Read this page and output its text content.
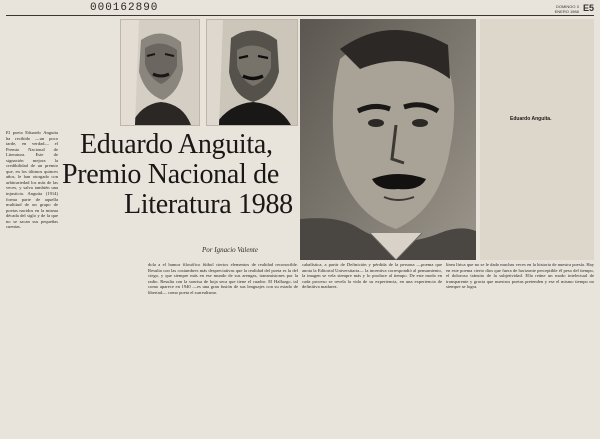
000162890	DOMINGO 3
ENERO 1988 E5
Eduardo Anguita.
El poeta Eduardo Anguita ha recibido —un poco tarde, en verdad— el Premio Nacional de Literatura. Este de signación mejora la credibilidad de un premio que, en los últimos quinces años, le han otorgado con arbitrariedad los más de las veces, y salva también una injusticia. Anguita (1914) forma parte de aquella multitud de un grupo de poetas nacidos en la misma década del siglo y de la que no se sacan sus pequeñas cuentas.
Eduardo Anguita,
Premio Nacional de
Literatura 1988
Por Ignacio Valente
dola a el humor filosófico fútbol ciertos elementos de realidad reconocible. Resulta con las costumbres más despreciativas que la realidad del poeta es la del ciego, y que siempre más en ese mundo de sus arengas, transmisiones por la radio. Resulta con la sonrisa de hoja seca que tiene el cuadro: El Hallazgo, tal como aparece en 1940 —es una gran fusión de sus lenguajes con su estado de libertad— como poeta el surrealismo.
cabalística, a partir de Definición y pérdida de la persona —poema que anota la Editorial Universitaria— la incentiva correspondió al pensamiento, la imagen se vela siempre más y lo produce al tiempo. De este modo en cada proceso se revela la vida de su experiencia, en una experiencia de definitiva madurez.
línea lírica que no se le dado muchas veces en la historia de nuestra poesía. Hay en este poema cierto dios que fuera de horizonte perceptible él peso del tiempo, el doloroso tránsito de la subjetividad. Ella reúne un modo intelectual de transparente y gracia que nuestros poetas pretenden y ese el mismo tiempo no siempre se logra.
